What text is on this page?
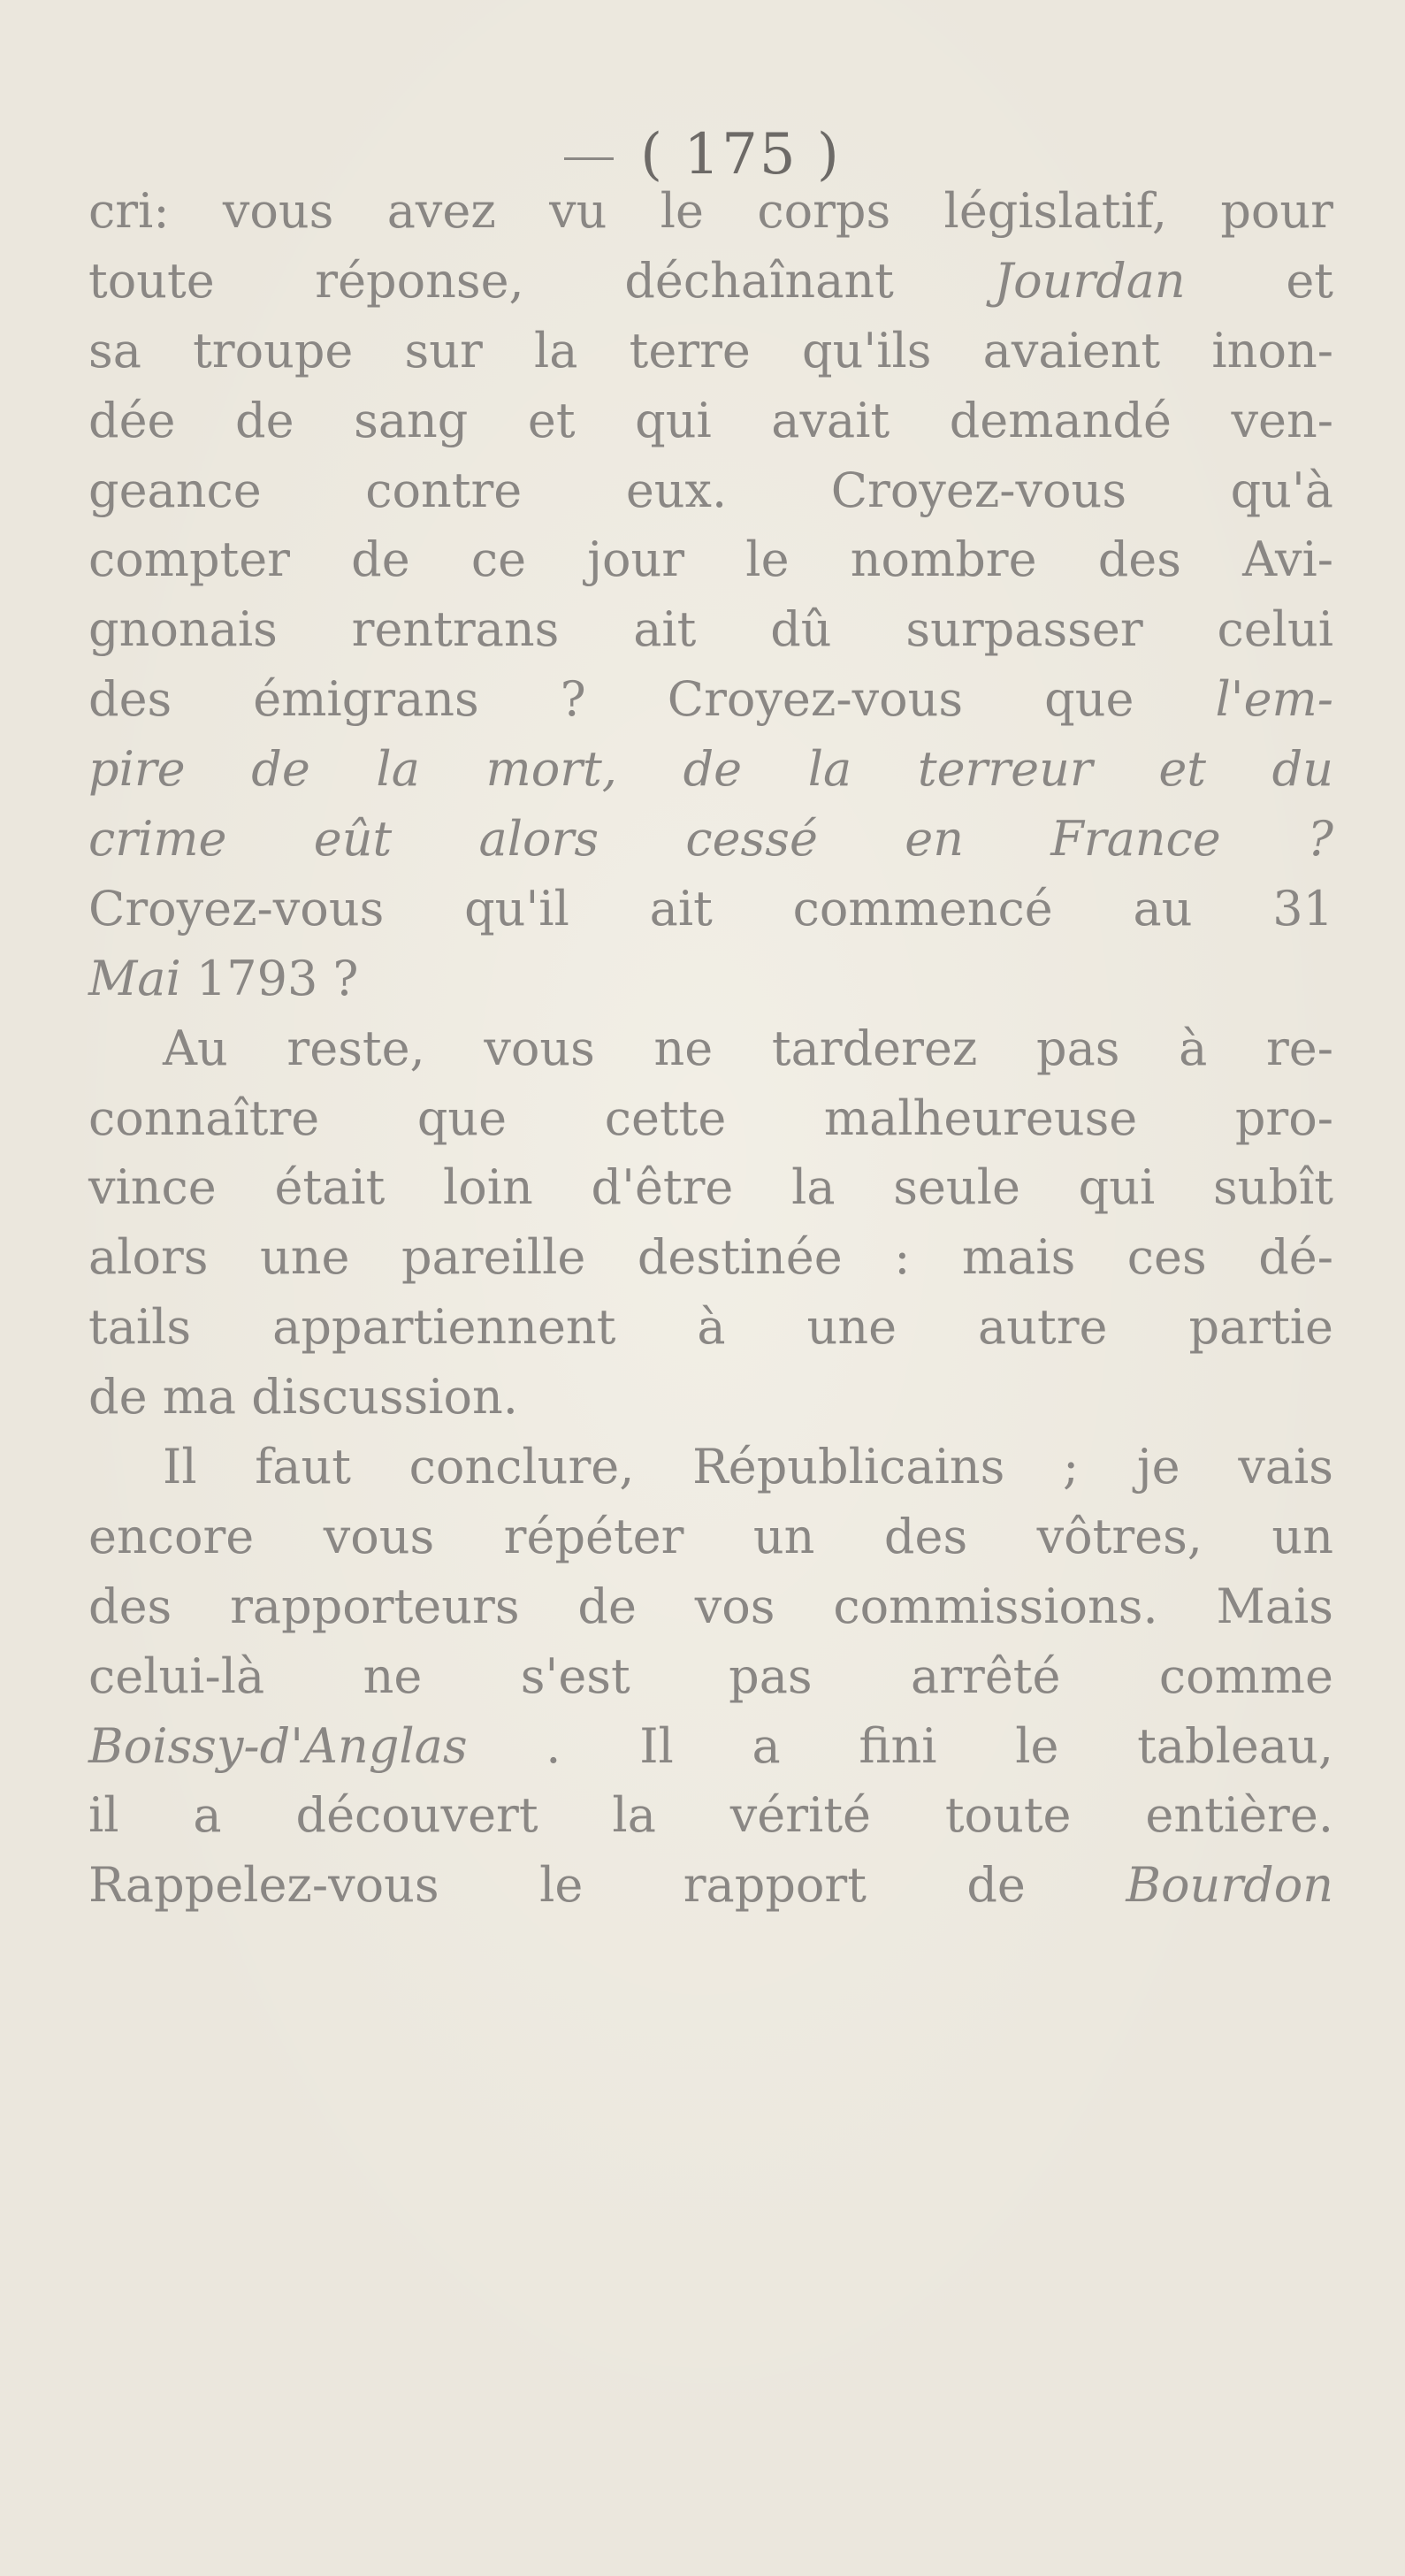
( 175 )
cri: vous avez vu le corps législatif, pour
toute réponse, déchaînant Jourdan et
sa troupe sur la terre qu'ils avaient inon-
dée de sang et qui avait demandé ven-
geance contre eux. Croyez-vous qu'à
compter de ce jour le nombre des Avi-
gnonais rentrans ait dû surpasser celui
des émigrans ? Croyez-vous que l'em-
pire de la mort, de la terreur et du
crime eût alors cessé en France ?
Croyez-vous qu'il ait commencé au 31
Mai 1793 ?
Au reste, vous ne tarderez pas à re-
connaître que cette malheureuse pro-
vince était loin d'être la seule qui subît
alors une pareille destinée : mais ces dé-
tails appartiennent à une autre partie
de ma discussion.
Il faut conclure, Républicains ; je vais
encore vous répéter un des vôtres, un
des rapporteurs de vos commissions. Mais
celui-là ne s'est pas arrêté comme
Boissy-d'Anglas . Il a fini le tableau,
il a découvert la vérité toute entière.
Rappelez-vous le rapport de Bourdon
